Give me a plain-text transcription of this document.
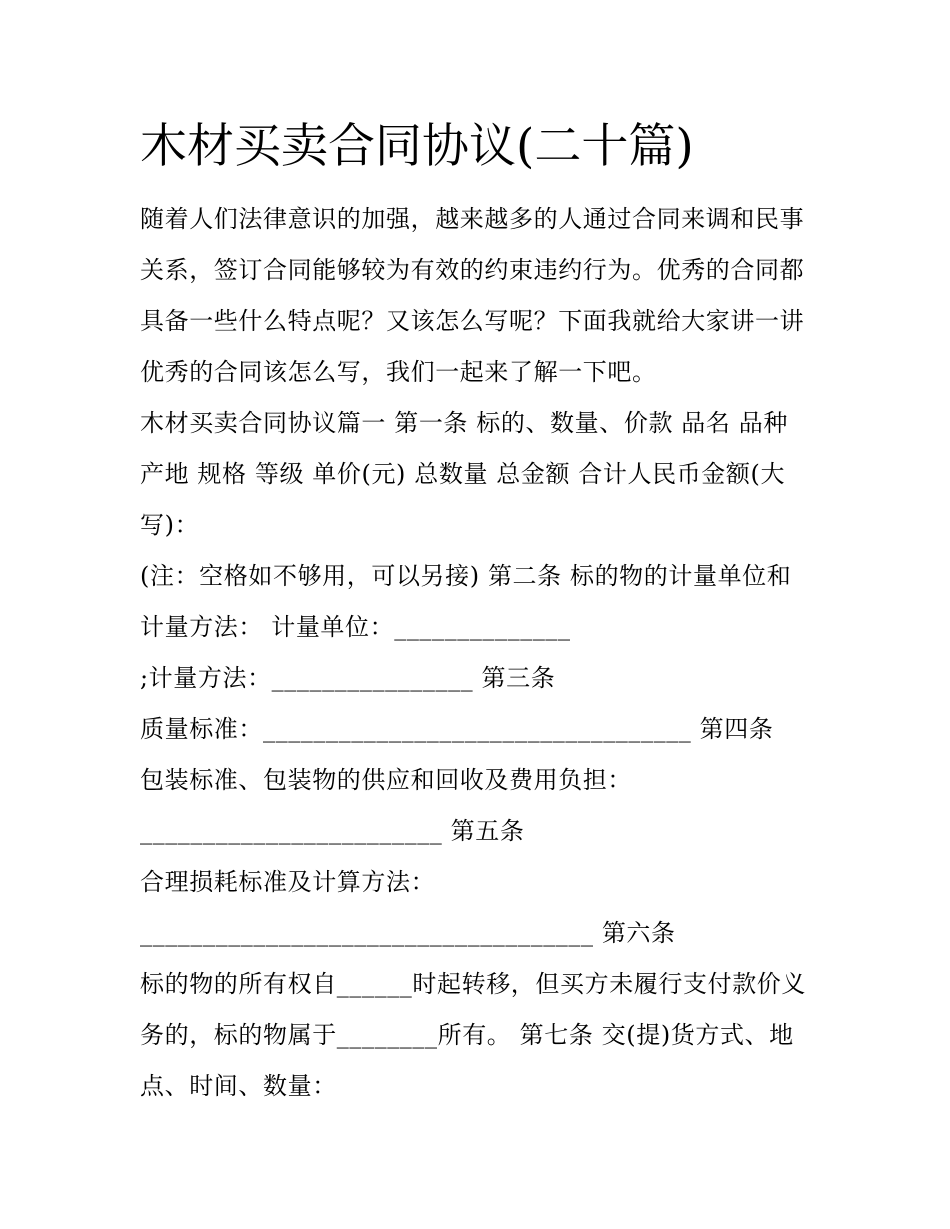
木材买卖合同协议(二十篇)

随着人们法律意识的加强，越来越多的人通过合同来调和民事

关系，签订合同能够较为有效的约束违约行为。优秀的合同都

具备一些什么特点呢？又该怎么写呢？下面我就给大家讲一讲

优秀的合同该怎么写，我们一起来了解一下吧。

木材买卖合同协议篇一 第一条 标的、数量、价款 品名 品种

产地 规格 等级 单价(元) 总数量 总金额 合计人民币金额(大

写)：

(注：空格如不够用，可以另接) 第二条 标的物的计量单位和

计量方法： 计量单位：______________

;计量方法：________________ 第三条

质量标准：__________________________________ 第四条

包装标准、包装物的供应和回收及费用负担：

________________________ 第五条

合理损耗标准及计算方法：

____________________________________ 第六条

标的物的所有权自______时起转移，但买方未履行支付款价义

务的，标的物属于________所有。 第七条 交(提)货方式、地

点、时间、数量：
